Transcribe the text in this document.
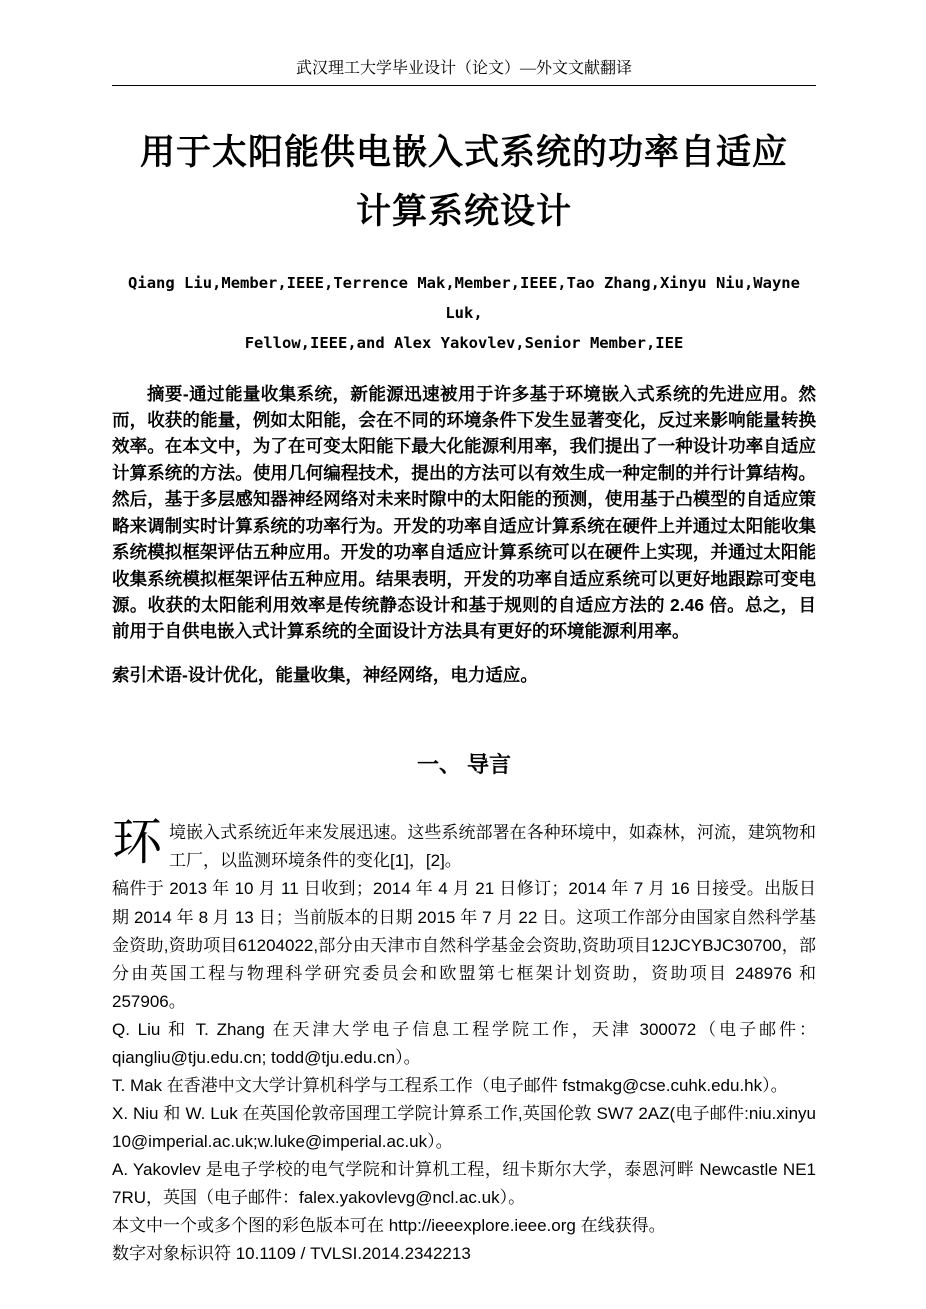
武汉理工大学毕业设计（论文）—外文文献翻译
用于太阳能供电嵌入式系统的功率自适应
计算系统设计
Qiang Liu,Member,IEEE,Terrence Mak,Member,IEEE,Tao Zhang,Xinyu Niu,Wayne Luk,
Fellow,IEEE,and Alex Yakovlev,Senior Member,IEE

摘要-通过能量收集系统，新能源迅速被用于许多基于环境嵌入式系统的先进应用。然而，收获的能量，例如太阳能，会在不同的环境条件下发生显著变化，反过来影响能量转换效率。在本文中，为了在可变太阳能下最大化能源利用率，我们提出了一种设计功率自适应计算系统的方法。使用几何编程技术，提出的方法可以有效生成一种定制的并行计算结构。然后，基于多层感知器神经网络对未来时隙中的太阳能的预测，使用基于凸模型的自适应策略来调制实时计算系统的功率行为。开发的功率自适应计算系统在硬件上并通过太阳能收集系统模拟框架评估五种应用。开发的功率自适应计算系统可以在硬件上实现，并通过太阳能收集系统模拟框架评估五种应用。结果表明，开发的功率自适应系统可以更好地跟踪可变电源。收获的太阳能利用效率是传统静态设计和基于规则的自适应方法的 2.46 倍。总之，目前用于自供电嵌入式计算系统的全面设计方法具有更好的环境能源利用率。

索引术语-设计优化，能量收集，神经网络，电力适应。

一、 导言

环 境嵌入式系统近年来发展迅速。这些系统部署在各种环境中，如森林，河流，建筑物和工厂，以监测环境条件的变化[1]，[2]。

稿件于 2013 年 10 月 11 日收到；2014 年 4 月 21 日修订；2014 年 7 月 16 日接受。出版日期 2014 年 8 月 13 日；当前版本的日期 2015 年 7 月 22 日。这项工作部分由国家自然科学基金资助,资助项目61204022,部分由天津市自然科学基金会资助,资助项目12JCYBJC30700，部分由英国工程与物理科学研究委员会和欧盟第七框架计划资助，资助项目 248976 和 257906。

Q. Liu 和 T. Zhang 在天津大学电子信息工程学院工作，天津 300072（电子邮件：qiangliu@tju.edu.cn; todd@tju.edu.cn）。

T. Mak 在香港中文大学计算机科学与工程系工作（电子邮件 fstmakg@cse.cuhk.edu.hk）。

X. Niu 和 W. Luk 在英国伦敦帝国理工学院计算系工作,英国伦敦 SW7 2AZ(电子邮件:niu.xinyu 10@imperial.ac.uk;w.luke@imperial.ac.uk）。

A. Yakovlev 是电子学校的电气学院和计算机工程，纽卡斯尔大学，泰恩河畔 Newcastle NE1 7RU，英国（电子邮件：falex.yakovlevg@ncl.ac.uk）。

本文中一个或多个图的彩色版本可在 http://ieeexplore.ieee.org 在线获得。

数字对象标识符 10.1109 / TVLSI.2014.2342213
